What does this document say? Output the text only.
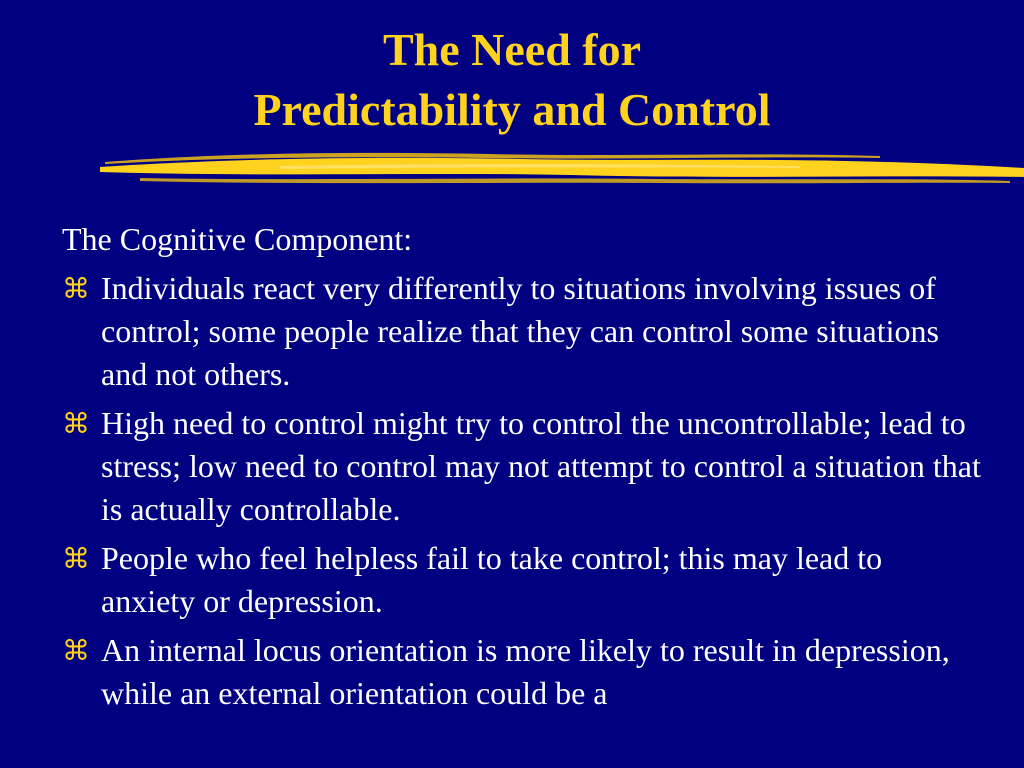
The Need for
Predictability and Control
The Cognitive Component:
⌘ Individuals react very differently to situations involving issues of control; some people realize that they can control some situations and not others.
⌘ High need to control might try to control the uncontrollable; lead to stress; low need to control may not attempt to control a situation that is actually controllable.
⌘ People who feel helpless fail to take control; this may lead to anxiety or depression.
⌘ An internal locus orientation is more likely to result in depression, while an external orientation could be a
